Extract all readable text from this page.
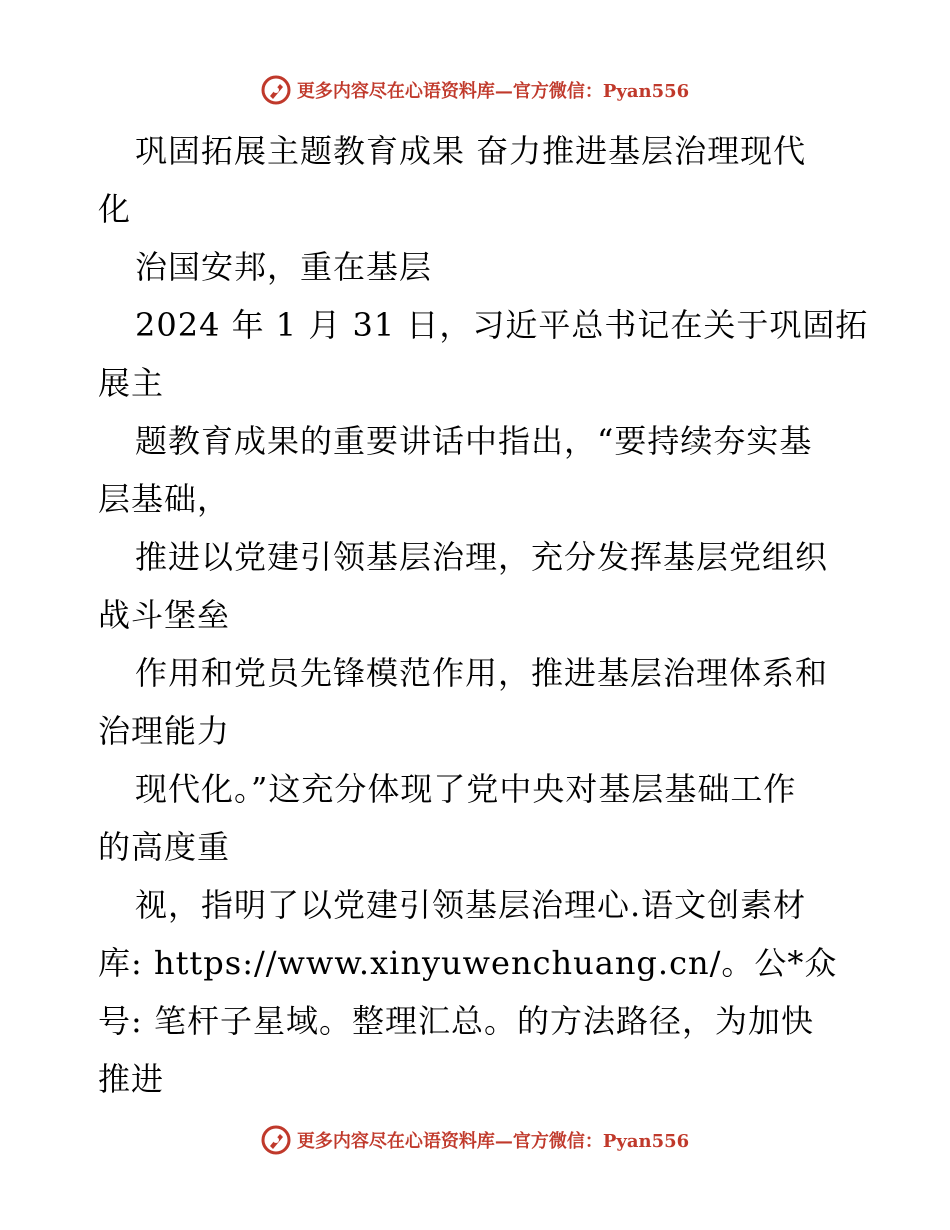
更多内容尽在心语资料库—官方微信：Pyan556
巩固拓展主题教育成果 奋力推进基层治理现代
化
治国安邦，重在基层
2024 年 1 月 31 日，习近平总书记在关于巩固拓
展主
题教育成果的重要讲话中指出，“要持续夯实基
层基础，
推进以党建引领基层治理，充分发挥基层党组织
战斗堡垒
作用和党员先锋模范作用，推进基层治理体系和
治理能力
现代化。”这充分体现了党中央对基层基础工作
的高度重
视，指明了以党建引领基层治理心.语文创素材
库: https://www.xinyuwenchuang.cn/。公*众
号: 笔杆子星域。整理汇总。的方法路径，为加快
推进
更多内容尽在心语资料库—官方微信：Pyan556
